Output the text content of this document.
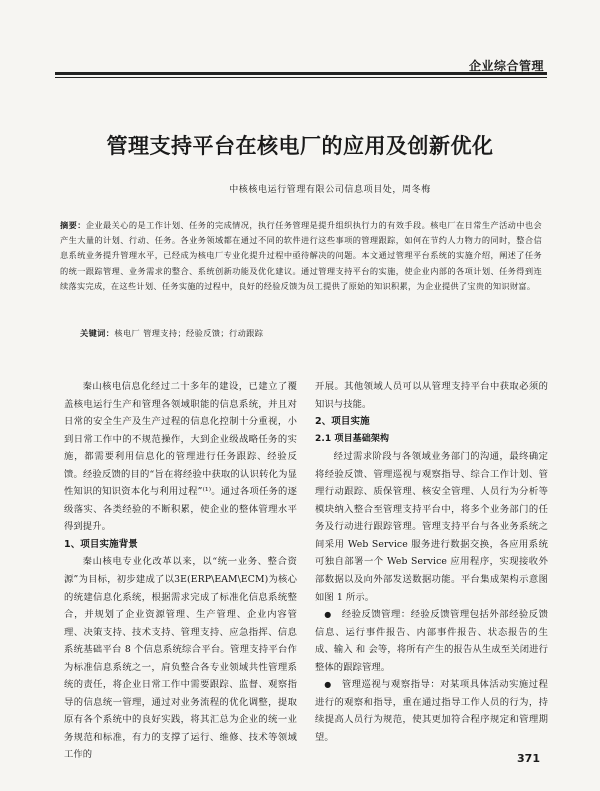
企业综合管理
管理支持平台在核电厂的应用及创新优化
中核核电运行管理有限公司信息项目处，周冬梅
摘要：企业最关心的是工作计划、任务的完成情况，执行任务管理是提升组织执行力的有效手段。核电厂在日常生产活动中也会产生大量的计划、行动、任务。各业务领域都在通过不同的软件进行这些事项的管理跟踪，如何在节约人力物力的同时，整合信息系统业务提升管理水平，已经成为核电厂专业化提升过程中亟待解决的问题。本文通过管理平台系统的实施介绍，阐述了任务的统一跟踪管理、业务需求的整合、系统创新功能及优化建议。通过管理支持平台的实施，使企业内部的各项计划、任务得到连续落实完成，在这些计划、任务实施的过程中，良好的经验反馈为员工提供了原始的知识积累，为企业提供了宝贵的知识财富。
关键词：核电厂 管理支持；经验反馈；行动跟踪

秦山核电信息化经过二十多年的建设，已建立了覆盖核电运行生产和管理各领域职能的信息系统，并且对日常的安全生产及生产过程的信息化控制十分重视，小到日常工作中的不规范操作，大到企业级战略任务的实施，都需要利用信息化的管理进行任务跟踪、经验反馈。经验反馈的目的“旨在将经验中获取的认识转化为显性知识的知识资本化与利用过程”⁽¹⁾。通过各项任务的逐级落实、各类经验的不断积累，使企业的整体管理水平得到提升。

1、项目实施背景

秦山核电专业化改革以来，以“统一业务、整合资源”为目标，初步建成了以3E(ERP\EAM\ECM)为核心的统建信息化系统，根据需求完成了标准化信息系统整合，并规划了企业资源管理、生产管理、企业内容管理、决策支持、技术支持、管理支持、应急指挥、信息系统基础平台 8 个信息系统综合平台。管理支持平台作为标准信息系统之一，肩负整合各专业领域共性管理系统的责任，将企业日常工作中需要跟踪、监督、观察指导的信息统一管理，通过对业务流程的优化调整，提取原有各个系统中的良好实践，将其汇总为企业的统一业务规范和标准，有力的支撑了运行、维修、技术等领域工作的

开展。其他领域人员可以从管理支持平台中获取必须的知识与技能。

2、项目实施

2.1 项目基础架构

经过需求阶段与各领域业务部门的沟通，最终确定将经验反馈、管理巡视与观察指导、综合工作计划、管理行动跟踪、质保管理、核安全管理、人员行为分析等模块纳入整合至管理支持平台中，将多个业务部门的任务及行动进行跟踪管理。管理支持平台与各业务系统之间采用 Web Service 服务进行数据交换，各应用系统可独自部署一个 Web Service 应用程序，实现接收外部数据以及向外部发送数据功能。平台集成架构示意图如图 1 所示。

● 经验反馈管理：经验反馈管理包括外部经验反馈信息、运行事件报告、内部事件报告、状态报告的生成、输入 和 会等，将所有产生的报告从生成至关闭进行整体的跟踪管理。

● 管理巡视与观察指导：对某项具体活动实施过程进行的观察和指导，重在通过指导工作人员的行为，持续提高人员行为规范，使其更加符合程序规定和管理期望。

371
